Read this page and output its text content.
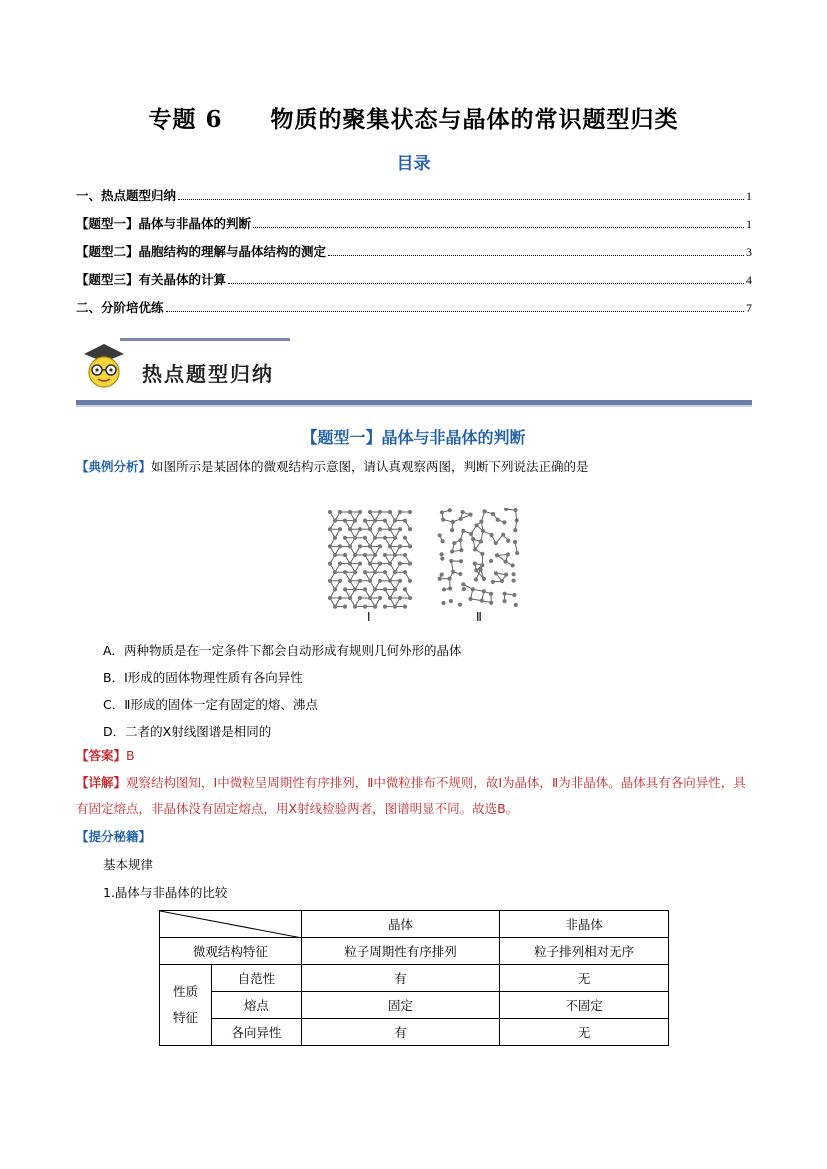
专题 6 物质的聚集状态与晶体的常识题型归类
目录
一、热点题型归纳	1
【题型一】晶体与非晶体的判断	1
【题型二】晶胞结构的理解与晶体结构的测定	3
【题型三】有关晶体的计算	4
二、分阶培优练	7
热点题型归纳
【题型一】晶体与非晶体的判断
【典例分析】如图所示是某固体的微观结构示意图，请认真观察两图，判断下列说法正确的是
Ⅰ	Ⅱ
A．两种物质是在一定条件下都会自动形成有规则几何外形的晶体
B．Ⅰ形成的固体物理性质有各向异性
C．Ⅱ形成的固体一定有固定的熔、沸点
D．二者的X射线图谱是相同的
【答案】B
【详解】观察结构图知，Ⅰ中微粒呈周期性有序排列，Ⅱ中微粒排布不规则，故Ⅰ为晶体，Ⅱ为非晶体。晶体具有各向异性，具有固定熔点，非晶体没有固定熔点，用X射线检验两者，图谱明显不同。故选B。
【提分秘籍】
基本规律
1.晶体与非晶体的比较
	晶体	非晶体
微观结构特征		粒子周期性有序排列	粒子排列相对无序

性质
特征	自范性	有	无
	熔点	固定	不固定
	各向异性	有	无
